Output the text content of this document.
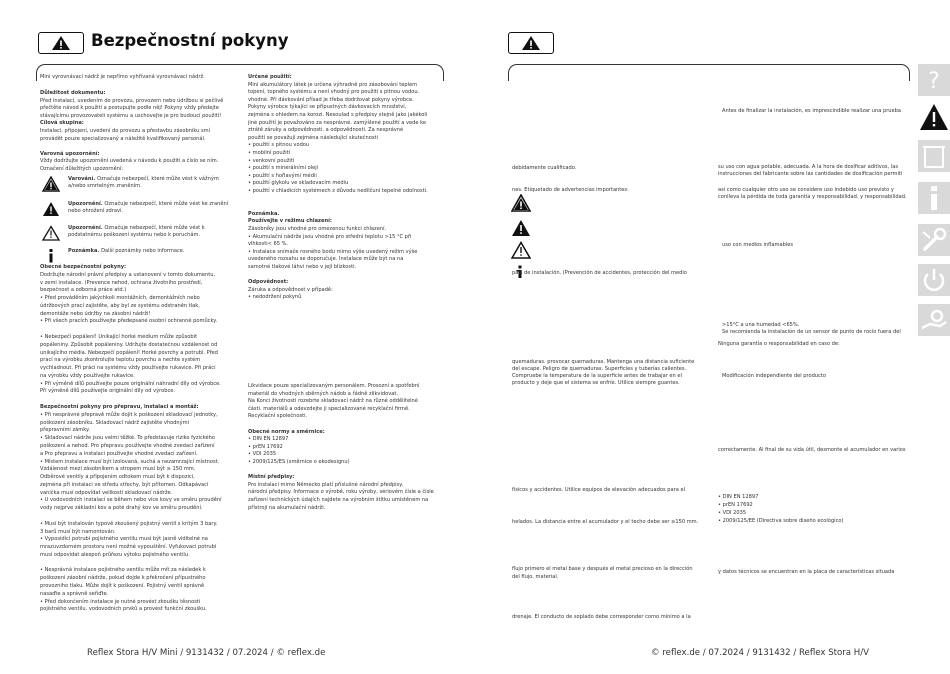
Bezpečnostní pokyny
Mini vyrovnávací nádrž je nepřímo vyhřívaná vyrovnávací nádrž.
Důležitost dokumentu:
Před instalací, uvedením do provozu, provozem nebo údržbou si pečlivě
přečtěte návod k použití a postupujte podle něj! Pokyny vždy předejte
stávajícímu provozovateli systému a uschovejte je pro budoucí použití!
Cílová skupina:
Instalaci, připojení, uvedení do provozu a přestavbu zásobníku smí
provádět pouze specializovaný a náležitě kvalifikovaný personál.
Varovná upozornění:
Vždy dodržujte upozornění uvedená v návodu k použití a číslo se ním.
Označení důležitých upozornění:
Varování. Označuje nebezpečí, které může vést k vážným
a/nebo smrtelným zraněním.
Upozornění. Označuje nebezpečí, které může vést ke zranění
nebo ohrožení zdraví.
Upozornění. Označuje nebezpečí, které může vést k
podstatnému poškození systému nebo k poruchám.
Poznámka. Další poznámky nebo informace.
Obecné bezpečnostní pokyny:
Dodržujte národní právní předpisy a ustanovení v tomto dokumentu,
v zemi instalace. (Prevence nehod, ochrana životního prostředí,
bezpečnost a odborná práce atd.)
• Před prováděním jakýchkoli montážních, demontážních nebo
údržbových prací zajistěte, aby byl ze systému odstraněn tlak,
demontáže nebo údržby na zásobní nádrži!
• Při všech pracích používejte předepsané osobní ochranné pomůcky.
• Nebezpečí popálení! Unikající horké médium může způsobit
popáleniny. Způsobit popáleniny. Udržujte dostatečnou vzdálenost od
unikajícího média. Nebezpečí popálení! Horké povrchy a potrubí. Před
prací na výrobku zkontrolujte teplotu povrchu a nechte systém
vychladnout. Při práci na systému vždy používejte rukavice. Při práci
na výrobku vždy používejte rukavice.
• Při výměně dílů používejte pouze originální náhradní díly od výrobce.
Při výměně dílů používejte originální díly od výrobce.
Bezpečnostní pokyny pro přepravu, instalaci a montáž:
• Při nesprávné přepravě může dojít k poškození skladovací jednotky,
poškození zásobníku. Skladovací nádrž zajistěte vhodnými
přepravními zámky.
• Skladovací nádrže jsou velmi těžké. To představuje riziko fyzického
poškození a nehod. Pro přepravu používejte vhodné zvedací zařízení
a Pro přepravu a instalaci používejte vhodné zvedací zařízení.
• Místem instalace musí být izolovaná, suchá a nezamrzající místnost.
Vzdálenost mezi zásobníkem a stropem musí být ≥ 150 mm.
Odběrové ventily a připojením odtokem musí být k dispozici,
zejména při instalaci ve středu střechy, být přítomen. Odkapávací
vanička musí odpovídat velikosti skladovací nádrže.
• U vodovodních instalací se během nebo více kovy ve směru proudění
vody nejprve základní kov a poté drahý kov ve směru proudění.
• Musí být instalován typově zkoušený pojistný ventil s kritým 3 bary.
3 barů musí být namontován.
• Vyposídící potrubí pojistného ventilu musí být jasně viditelné na
mrazuvzdorném prostoru není možné vypouštění. Vyfukovací potrubí
musí odpovídat alespoň průřezu výtoku pojistného ventilu.
• Nesprávná instalace pojistného ventilu může mít za následek k
poškození zásobní nádrže, pokud dojde k překročení přípustného
provozního tlaku. Může dojít k poškození. Pojistný ventil správně
nasaďte a správně seřiďte.
• Před dokončením instalace je nutné provést zkoušku těsnosti
pojistného ventilu. vodovodních prvků a provést funkční zkoušku.
Určené použití:
Mini akumulátory látek je určena výhradně pro zásobování teplem
topení, topného systému a není vhodný pro použití s pitnou vodou.
vhodné. Při dávkování přísad je třeba dodržovat pokyny výrobce.
Pokyny výrobce týkající se přípustných dávkovacích množství,
zejména s ohledem na korozi. Nesoulad s předpisy stejně jako jakékoli
jiné použití je považováno za nesprávné. zamýšlené použití a vede ke
ztrátě záruky a odpovědnosti. a odpovědnosti. Za nesprávné
použití se považují zejména následující skutečnosti
• použití s pitnou vodou
• mobilní použití
• venkovní použití
• použití s minerálními oleji
• použití s hořlavými médii
• použití glykolu ve skladovacím médiu
• použití v chladicích systémech z důvodu nedílčuní tepelné odolnosti.
Poznámka.
Používejte v režimu chlazení:
Zásobníky jsou vhodné pro omezenou funkci chlazení.
• Akumulační nádrže jsou vhodné pro střední teplotu >15 °C při
vlhkosti< 65 %.
• Instalace snímače rosného bodu mimo výše uvedený režim výše
uvedeného rozsahu se doporučuje. Instalace může být na na
samotné tlakové láhvi nebo v její blízkosti.
Odpovědnost:
Záruka a odpovědnost v případě:
• nedodržení pokynů
Likvidace pouze specializovaným personálem. Prosozní a spotřební
materiál do vhodných sběrných nádob a řádně zlikvidovat.
Na Konci životnosti rozebrte skladovací nádrž na různé oddělitelné
části. materiálů a odevzdejte ji specializované recyklační firmě.
Recyklační společnosti.
Obecné normy a směrnice:
• DIN EN 12897
• prEN 17692
• VDI 2035
• 2009/125/ES (směrnice o ekodesignu)
Místní předpisy:
Pro instalaci mimo Německo platí příslušné národní předpisy.
národní předpisy. Informace o výrobě, roku výroby, sériovém čísle a čísle
zařízení technických údajích najdete na výrobním štítku umístěném na
přístroji na akumulační nádrži.
Reflex Stora H/V Mini / 9131432 / 07.2024 / © reflex.de
Antes de finalizar la instalación, es imprescindible realizar una prueba
debidamente cualificado.	su uso con agua potable, adecuada. A la hora de dosificar aditivos, las
instrucciones del fabricante sobre las cantidades de dosificación permiti
nes. Etiquetado de advertencias importantes:	así como cualquier otro uso se considere uso indebido uso previsto y
conlleva la pérdida de toda garantía y responsabilidad. y responsabilidad.
uso con medios inflamables
país de instalación. (Prevención de accidentes, protección del medio
>15°C a una humedad <65%.
Se recomienda la instalación de un sensor de punto de rocío fuera del
quemaduras. provocar quemaduras. Mantenga una distancia suficiente
del escape. Peligro de quemaduras. Superficies y tuberías calientes.
Compruebe la temperatura de la superficie antes de trabajar en el
producto y deje que el sistema se enfríe. Utilice siempre guantes.
Ninguna garantía o responsabilidad en caso de:
Modificación independiente del producto
correctamente. Al final de su vida útil, desmonte el acumulador en varios
físicos y accidentes. Utilice equipos de elevación adecuados para el
• DIN EN 12897
• prEN 17692
• VDI 2035
• 2009/125/EE (Directiva sobre diseño ecológico)
helados. La distancia entre el acumulador y el techo debe ser ≥150 mm.
flujo primero el metal base y después el metal precioso en la dirección
del flujo. material.
y datos técnicos se encuentran en la placa de características situada
drenaje. El conducto de soplado debe corresponder como mínimo a la
© reflex.de / 07.2024 / 9131432 / Reflex Stora H/V
?
